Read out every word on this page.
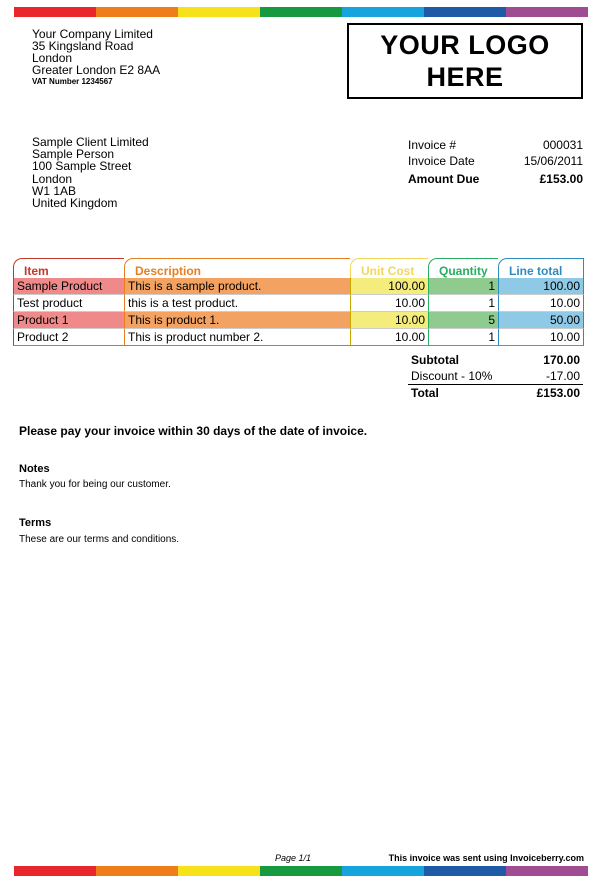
Your Company Limited
35 Kingsland Road
London
Greater London E2 8AA
VAT Number 1234567
YOUR LOGO
HERE
Sample Client Limited
Sample Person
100 Sample Street
London
W1 1AB
United Kingdom
Invoice #	000031
Invoice Date	15/06/2011
Amount Due	£153.00
Item	Description	Unit Cost	Quantity	Line total
Sample Product	This is a sample product.	100.00	1	100.00
Test product	this is a test product.	10.00	1	10.00
Product 1	This is product 1.	10.00	5	50.00
Product 2	This is product number 2.	10.00	1	10.00
Subtotal	170.00
Discount - 10%	-17.00
Total	£153.00
Please pay your invoice within 30 days of the date of invoice.
Notes
Thank you for being our customer.
Terms
These are our terms and conditions.
Page 1/1	This invoice was sent using Invoiceberry.com
